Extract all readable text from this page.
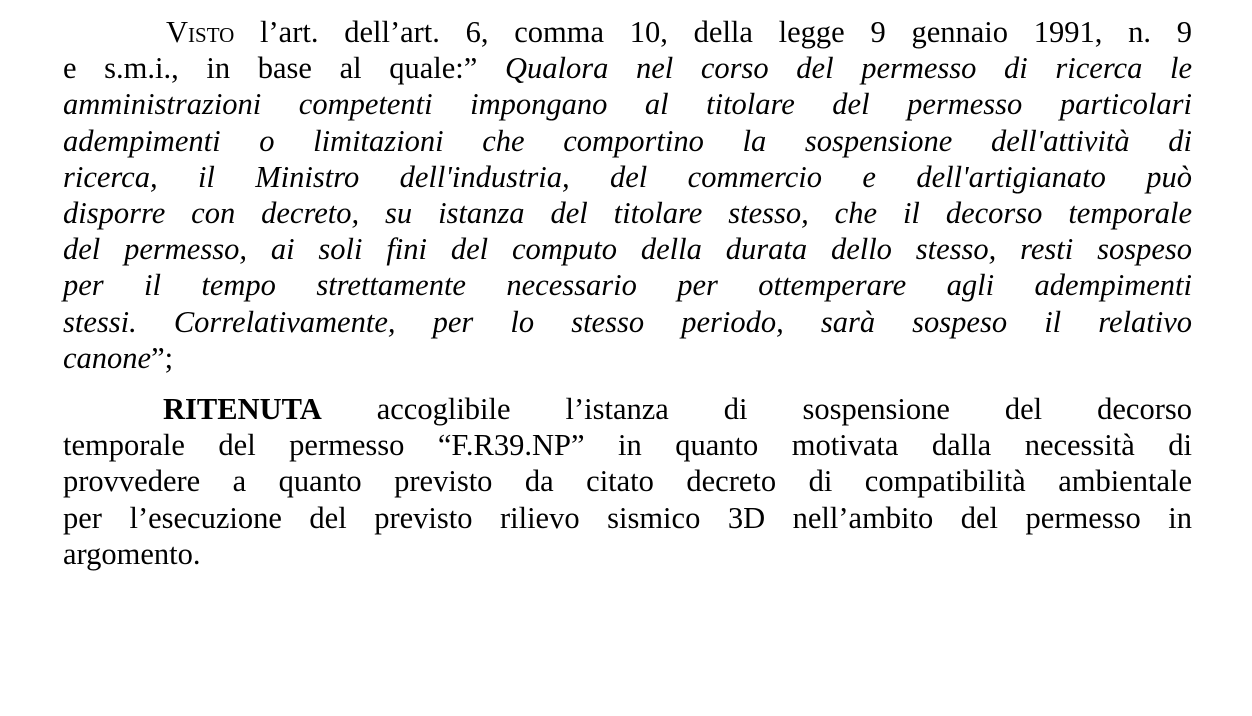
Visto l’art. dell’art. 6, comma 10, della legge 9 gennaio 1991, n. 9
e s.m.i., in base al quale:” Qualora nel corso del permesso di ricerca le
amministrazioni competenti impongano al titolare del permesso particolari
adempimenti o limitazioni che comportino la sospensione dell'attività di
ricerca, il Ministro dell'industria, del commercio e dell'artigianato può
disporre con decreto, su istanza del titolare stesso, che il decorso temporale
del permesso, ai soli fini del computo della durata dello stesso, resti sospeso
per il tempo strettamente necessario per ottemperare agli adempimenti
stessi. Correlativamente, per lo stesso periodo, sarà sospeso il relativo
canone”;
RITENUTA accoglibile l’istanza di sospensione del decorso
temporale del permesso “F.R39.NP” in quanto motivata dalla necessità di
provvedere a quanto previsto da citato decreto di compatibilità ambientale
per l’esecuzione del previsto rilievo sismico 3D nell’ambito del permesso in
argomento.
